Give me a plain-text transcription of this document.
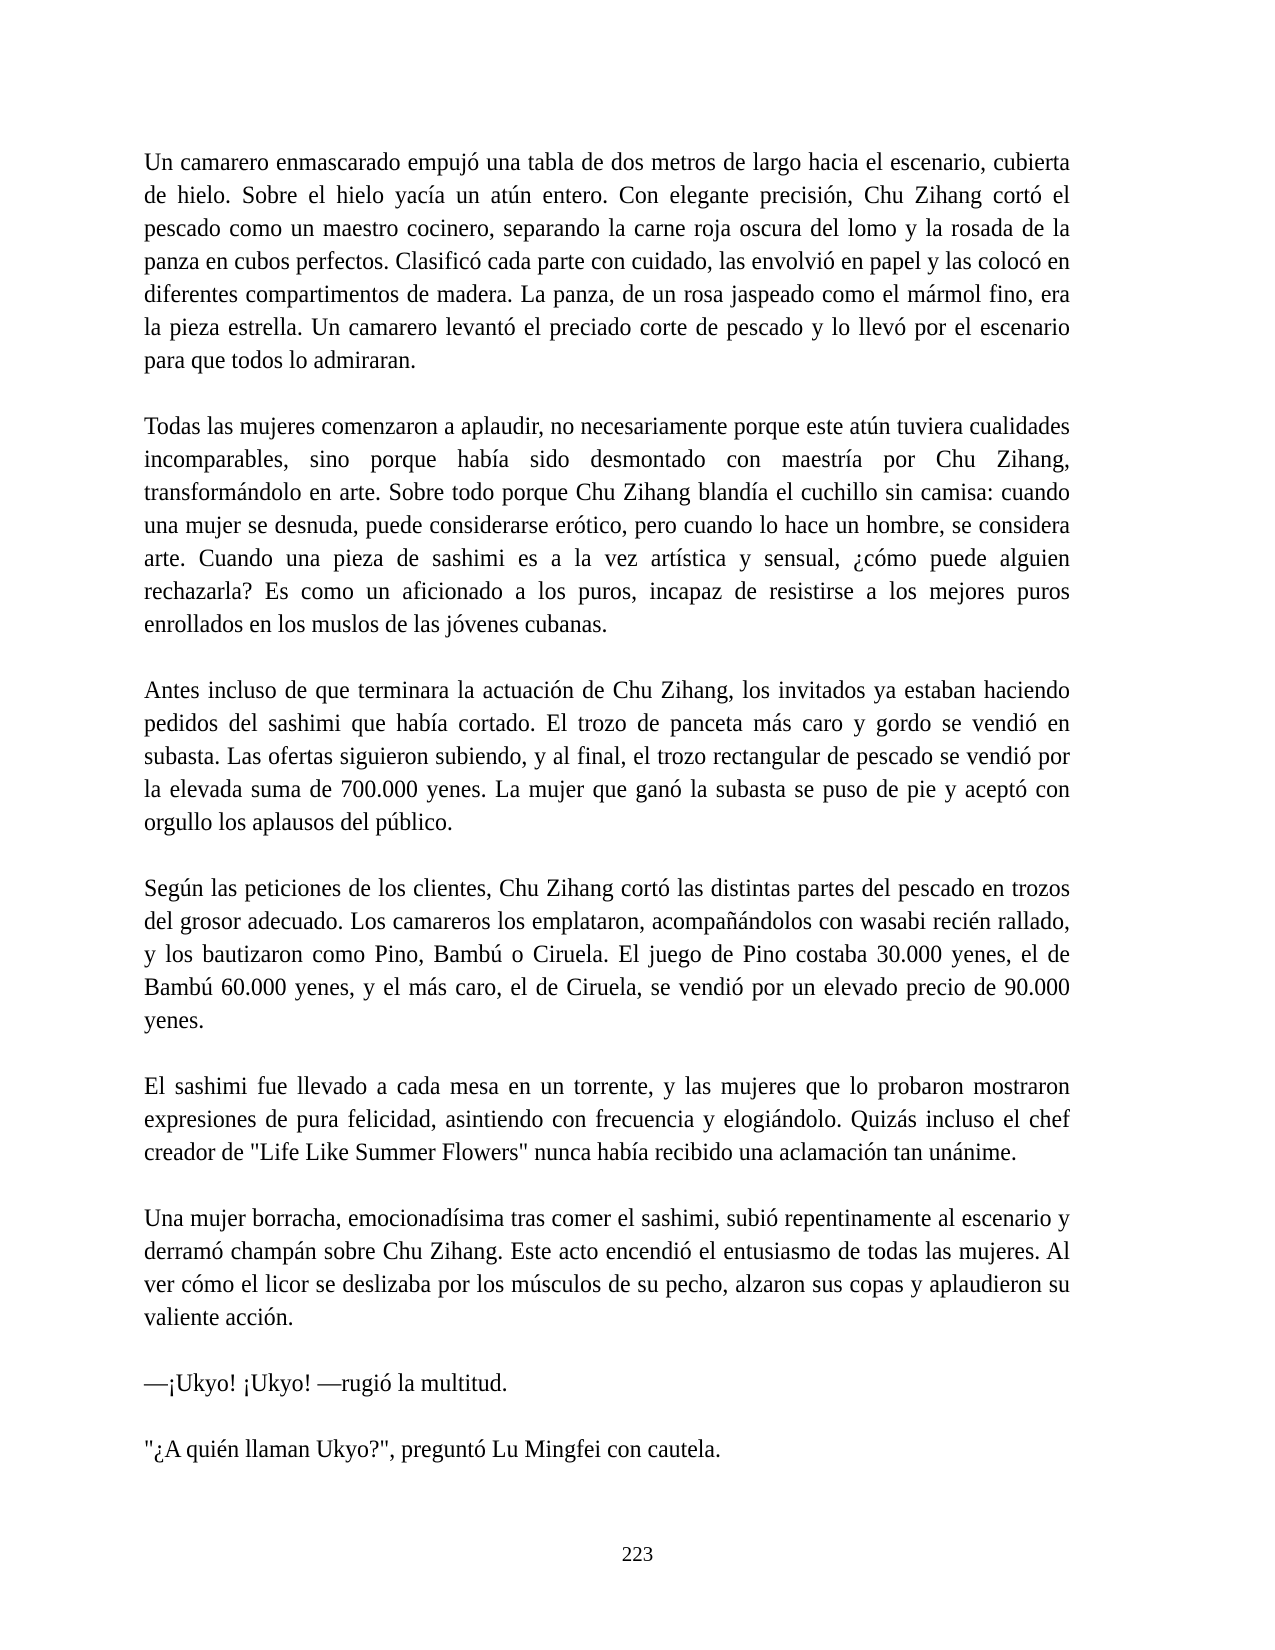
Un camarero enmascarado empujó una tabla de dos metros de largo hacia el escenario, cubierta de hielo. Sobre el hielo yacía un atún entero. Con elegante precisión, Chu Zihang cortó el pescado como un maestro cocinero, separando la carne roja oscura del lomo y la rosada de la panza en cubos perfectos. Clasificó cada parte con cuidado, las envolvió en papel y las colocó en diferentes compartimentos de madera. La panza, de un rosa jaspeado como el mármol fino, era la pieza estrella. Un camarero levantó el preciado corte de pescado y lo llevó por el escenario para que todos lo admiraran.

Todas las mujeres comenzaron a aplaudir, no necesariamente porque este atún tuviera cualidades incomparables, sino porque había sido desmontado con maestría por Chu Zihang, transformándolo en arte. Sobre todo porque Chu Zihang blandía el cuchillo sin camisa: cuando una mujer se desnuda, puede considerarse erótico, pero cuando lo hace un hombre, se considera arte. Cuando una pieza de sashimi es a la vez artística y sensual, ¿cómo puede alguien rechazarla? Es como un aficionado a los puros, incapaz de resistirse a los mejores puros enrollados en los muslos de las jóvenes cubanas.

Antes incluso de que terminara la actuación de Chu Zihang, los invitados ya estaban haciendo pedidos del sashimi que había cortado. El trozo de panceta más caro y gordo se vendió en subasta. Las ofertas siguieron subiendo, y al final, el trozo rectangular de pescado se vendió por la elevada suma de 700.000 yenes. La mujer que ganó la subasta se puso de pie y aceptó con orgullo los aplausos del público.

Según las peticiones de los clientes, Chu Zihang cortó las distintas partes del pescado en trozos del grosor adecuado. Los camareros los emplataron, acompañándolos con wasabi recién rallado, y los bautizaron como Pino, Bambú o Ciruela. El juego de Pino costaba 30.000 yenes, el de Bambú 60.000 yenes, y el más caro, el de Ciruela, se vendió por un elevado precio de 90.000 yenes.

El sashimi fue llevado a cada mesa en un torrente, y las mujeres que lo probaron mostraron expresiones de pura felicidad, asintiendo con frecuencia y elogiándolo. Quizás incluso el chef creador de "Life Like Summer Flowers" nunca había recibido una aclamación tan unánime.

Una mujer borracha, emocionadísima tras comer el sashimi, subió repentinamente al escenario y derramó champán sobre Chu Zihang. Este acto encendió el entusiasmo de todas las mujeres. Al ver cómo el licor se deslizaba por los músculos de su pecho, alzaron sus copas y aplaudieron su valiente acción.

—¡Ukyo! ¡Ukyo! —rugió la multitud.

"¿A quién llaman Ukyo?", preguntó Lu Mingfei con cautela.

223
